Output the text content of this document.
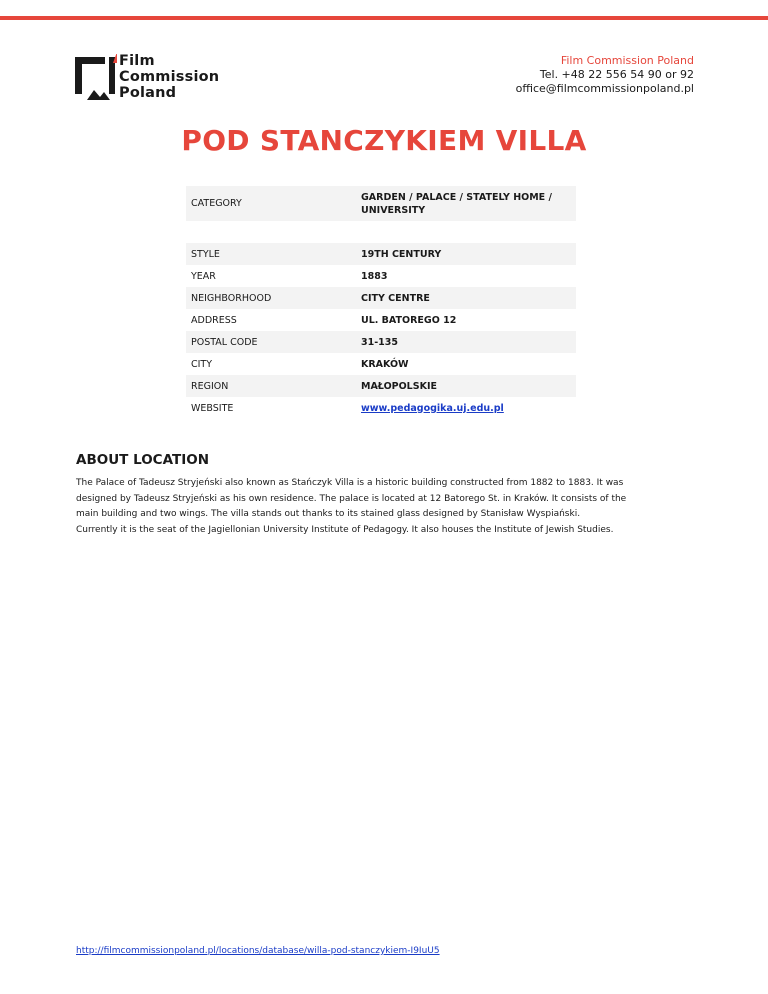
Film
Commission
Poland
Film Commission Poland
Tel. +48 22 556 54 90 or 92
office@filmcommissionpoland.pl
POD STANCZYKIEM VILLA
CATEGORY	GARDEN / PALACE / STATELY HOME / UNIVERSITY

STYLE	19TH CENTURY
YEAR	1883
NEIGHBORHOOD	CITY CENTRE
ADDRESS	UL. BATOREGO 12
POSTAL CODE	31-135
CITY	KRAKÓW
REGION	MAŁOPOLSKIE
WEBSITE	www.pedagogika.uj.edu.pl
ABOUT LOCATION

The Palace of Tadeusz Stryjeński also known as Stańczyk Villa is a historic building constructed from 1882 to 1883. It was
designed by Tadeusz Stryjeński as his own residence. The palace is located at 12 Batorego St. in Kraków. It consists of the
main building and two wings. The villa stands out thanks to its stained glass designed by Stanisław Wyspiański.
Currently it is the seat of the Jagiellonian University Institute of Pedagogy. It also houses the Institute of Jewish Studies.

http://filmcommissionpoland.pl/locations/database/willa-pod-stanczykiem-I9IuU5
